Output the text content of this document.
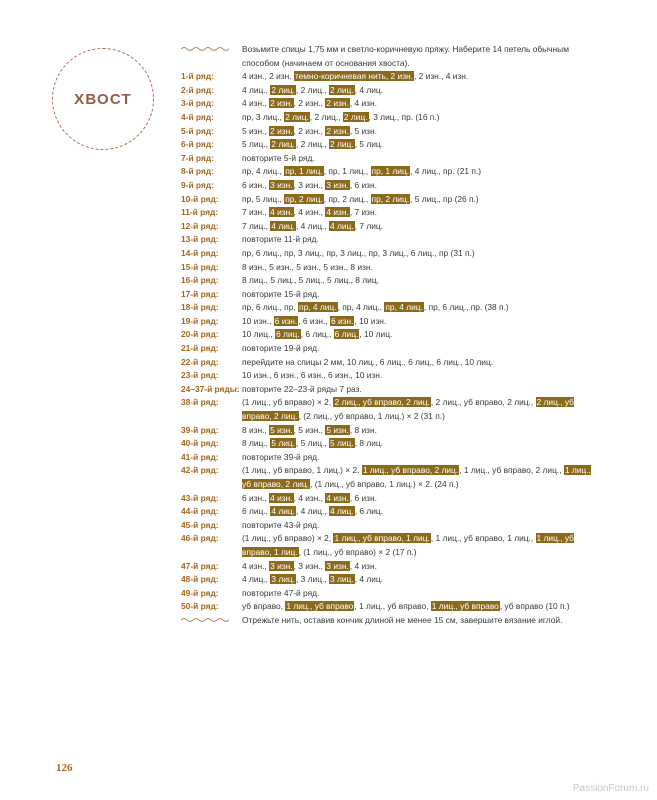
ХВОСТ
Возьмите спицы 1,75 мм и светло-коричневую пряжу. Наберите 14 петель обычным способом (начинаем от основания хвоста).
1-й ряд:	4 изн., 2 изн. темно-коричневая нить, 2 изн., 2 изн., 4 изн.
2-й ряд:	4 лиц., 2 лиц., 2 лиц., 2 лиц., 4 лиц.
3-й ряд:	4 изн., 2 изн., 2 изн., 2 изн., 4 изн.
4-й ряд:	пр, 3 лиц., 2 лиц., 2 лиц., 2 лиц., 3 лиц., пр. (16 п.)
5-й ряд:	5 изн., 2 изн., 2 изн., 2 изн., 5 изн.
6-й ряд:	5 лиц., 2 лиц., 2 лиц., 2 лиц., 5 лиц.
7-й ряд:	повторите 5-й ряд.
8-й ряд:	пр, 4 лиц., пр, 1 лиц., пр, 1 лиц., пр, 1 лиц., 4 лиц., пр. (21 п.)
9-й ряд:	6 изн., 3 изн., 3 изн., 3 изн., 6 изн.
10-й ряд:	пр, 5 лиц., пр, 2 лиц., пр, 2 лиц., пр, 2 лиц., 5 лиц., пр (26 п.)
11-й ряд:	7 изн., 4 изн., 4 изн., 4 изн., 7 изн.
12-й ряд:	7 лиц., 4 лиц., 4 лиц., 4 лиц., 7 лиц.
13-й ряд:	повторите 11-й ряд.
14-й ряд:	пр, 6 лиц., пр, 3 лиц., пр, 3 лиц., пр, 3 лиц., 6 лиц., пр (31 п.)
15-й ряд:	8 изн., 5 изн., 5 изн., 5 изн., 8 изн.
16-й ряд:	8 лиц., 5 лиц., 5 лиц., 5 лиц., 8 лиц.
17-й ряд:	повторите 15-й ряд.
18-й ряд:	пр, 6 лиц., пр, пр, 4 лиц., пр, 4 лиц., пр, 4 лиц., пр, 6 лиц., пр. (38 п.)
19-й ряд:	10 изн., 6 изн., 6 изн., 6 изн., 10 изн.
20-й ряд:	10 лиц., 6 лиц., 6 лиц., 6 лиц., 10 лиц.
21-й ряд:	повторите 19-й ряд.
22-й ряд:	перейдите на спицы 2 мм, 10 лиц., 6 лиц., 6 лиц., 6 лиц., 10 лиц.
23-й ряд:	10 изн., 6 изн., 6 изн., 6 изн., 10 изн.
24–37-й ряды: повторите 22–23-й ряды 7 раз.
38-й ряд:	(1 лиц., уб вправо) × 2, 2 лиц., уб вправо, 2 лиц., 2 лиц., уб вправо, 2 лиц., 2 лиц., уб вправо, 2 лиц., (2 лиц., уб вправо, 1 лиц.) × 2 (31 п.)
39-й ряд:	8 изн., 5 изн., 5 изн., 5 изн., 8 изн.
40-й ряд:	8 лиц., 5 лиц., 5 лиц., 5 лиц., 8 лиц.
41-й ряд:	повторите 39-й ряд.
42-й ряд:	(1 лиц., уб вправо, 1 лиц.) × 2, 1 лиц., уб вправо, 2 лиц., 1 лиц., уб вправо, 2 лиц., 1 лиц., уб вправо, 2 лиц., (1 лиц., уб вправо, 1 лиц.) × 2. (24 п.)
43-й ряд:	6 изн., 4 изн., 4 изн., 4 изн., 6 изн.
44-й ряд:	6 лиц., 4 лиц., 4 лиц., 4 лиц., 6 лиц.
45-й ряд:	повторите 43-й ряд.
46-й ряд:	(1 лиц., уб вправо) × 2, 1 лиц., уб вправо, 1 лиц., 1 лиц., уб вправо, 1 лиц., 1 лиц., уб вправо, 1 лиц., (1 лиц., уб вправо) × 2 (17 п.)
47-й ряд:	4 изн., 3 изн., 3 изн., 3 изн., 4 изн.
48-й ряд:	4 лиц., 3 лиц., 3 лиц., 3 лиц., 4 лиц.
49-й ряд:	повторите 47-й ряд.
50-й ряд:	уб вправо, 1 лиц., уб вправо, 1 лиц., уб вправо, 1 лиц., уб вправо, уб вправо (10 п.)
Отрежьте нить, оставив кончик длиной не менее 15 см, завершите вязание иглой.
126
PassionForum.ru
